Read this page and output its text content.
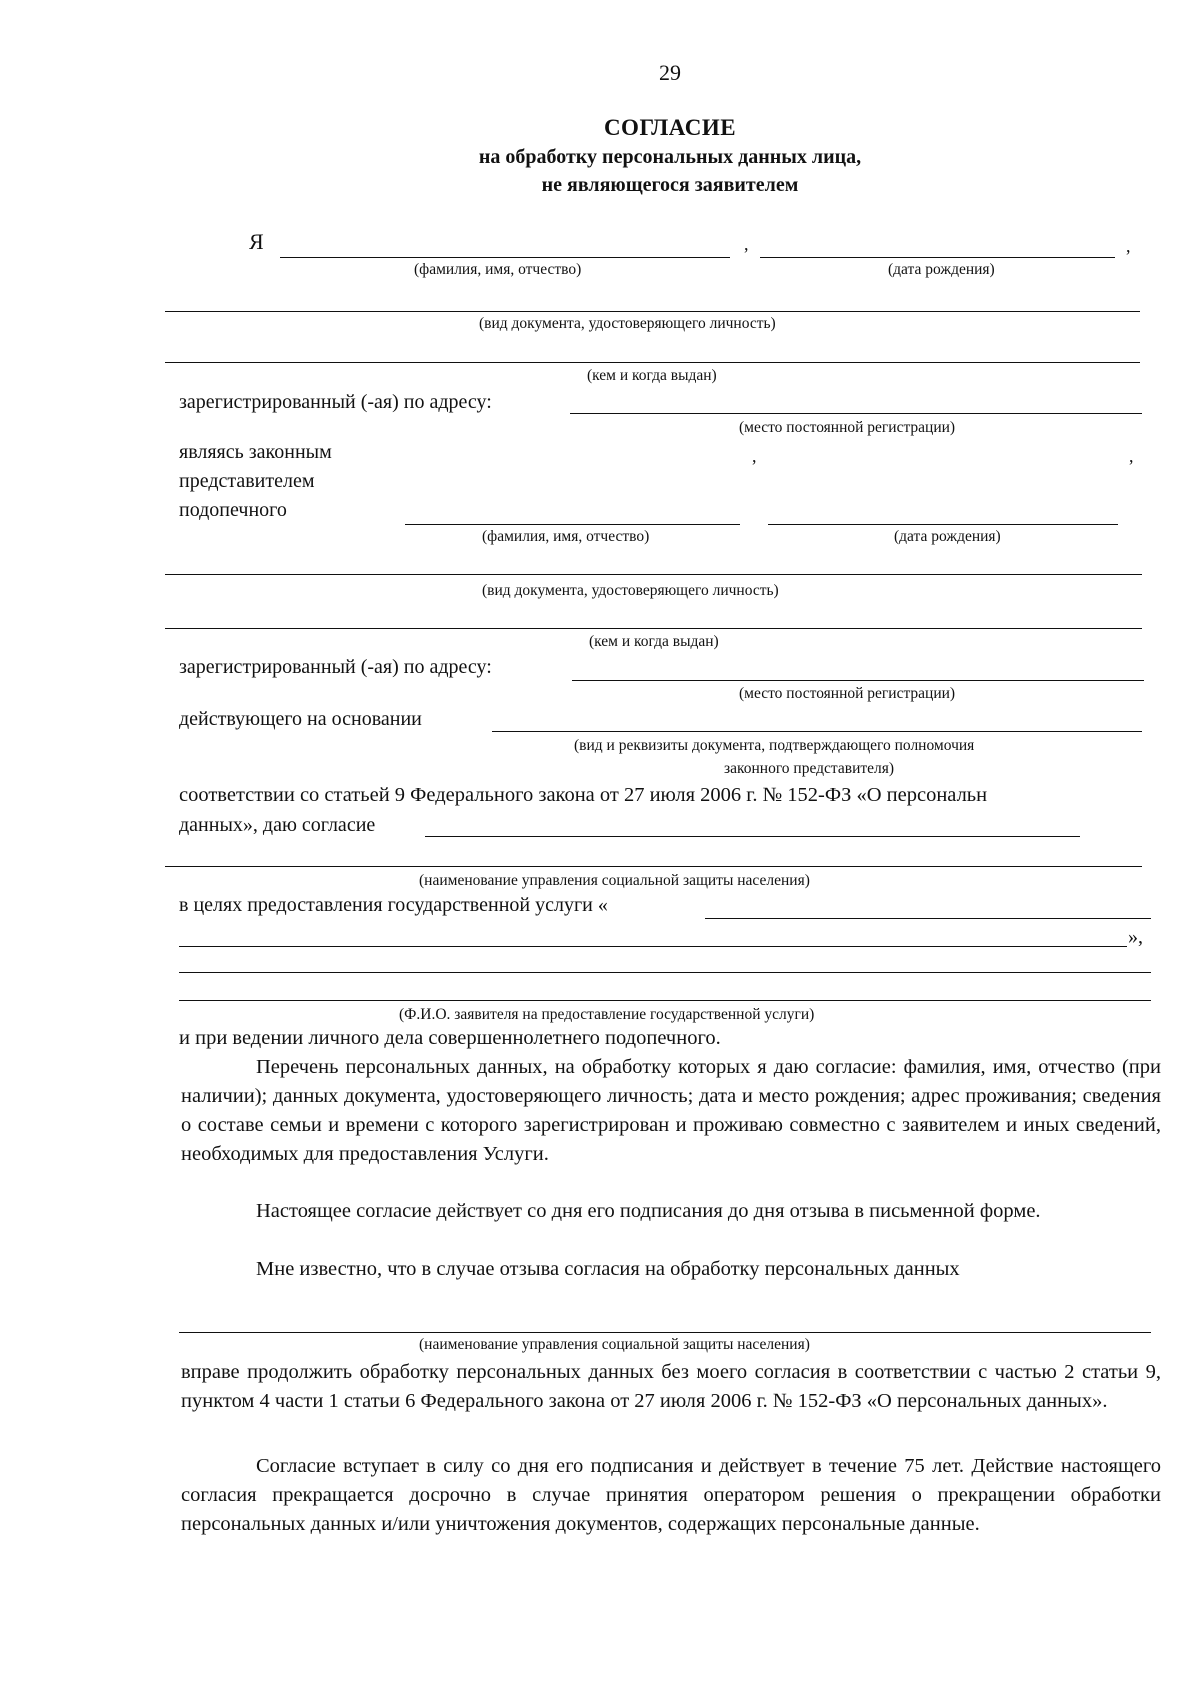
29
СОГЛАСИЕ
на обработку персональных данных лица,
не являющегося заявителем
Я	,	,
(фамилия, имя, отчество)	(дата рождения)
(вид документа, удостоверяющего личность)
(кем и когда выдан)
зарегистрированный (-ая) по адресу:
(место постоянной регистрации)
являясь законным
представителем
подопечного
,	,
(фамилия, имя, отчество)	(дата рождения)
(вид документа, удостоверяющего личность)
(кем и когда выдан)
зарегистрированный (-ая) по адресу:
(место постоянной регистрации)
действующего на основании
(вид и реквизиты документа, подтверждающего полномочия
законного представителя)
соответствии со статьей 9 Федерального закона от 27 июля 2006 г. № 152-ФЗ «О персональн
данных», даю согласие
(наименование управления социальной защиты населения)
в целях предоставления государственной услуги «
»,
(Ф.И.О. заявителя на предоставление государственной услуги)
и при ведении личного дела совершеннолетнего подопечного.
Перечень персональных данных, на обработку которых я даю согласие: фамилия, имя, отчество (при наличии); данных документа, удостоверяющего личность; дата и место рождения; адрес проживания; сведения о составе семьи и времени с которого зарегистрирован и проживаю совместно с заявителем и иных сведений, необходимых для предоставления Услуги.
Настоящее согласие действует со дня его подписания до дня отзыва в письменной форме.
Мне известно, что в случае отзыва согласия на обработку персональных данных
(наименование управления социальной защиты населения)
вправе продолжить обработку персональных данных без моего согласия в соответствии с частью 2 статьи 9, пунктом 4 части 1 статьи 6 Федерального закона от 27 июля 2006 г. № 152-ФЗ «О персональных данных».
Согласие вступает в силу со дня его подписания и действует в течение 75 лет. Действие настоящего согласия прекращается досрочно в случае принятия оператором решения о прекращении обработки персональных данных и/или уничтожения документов, содержащих персональные данные.
